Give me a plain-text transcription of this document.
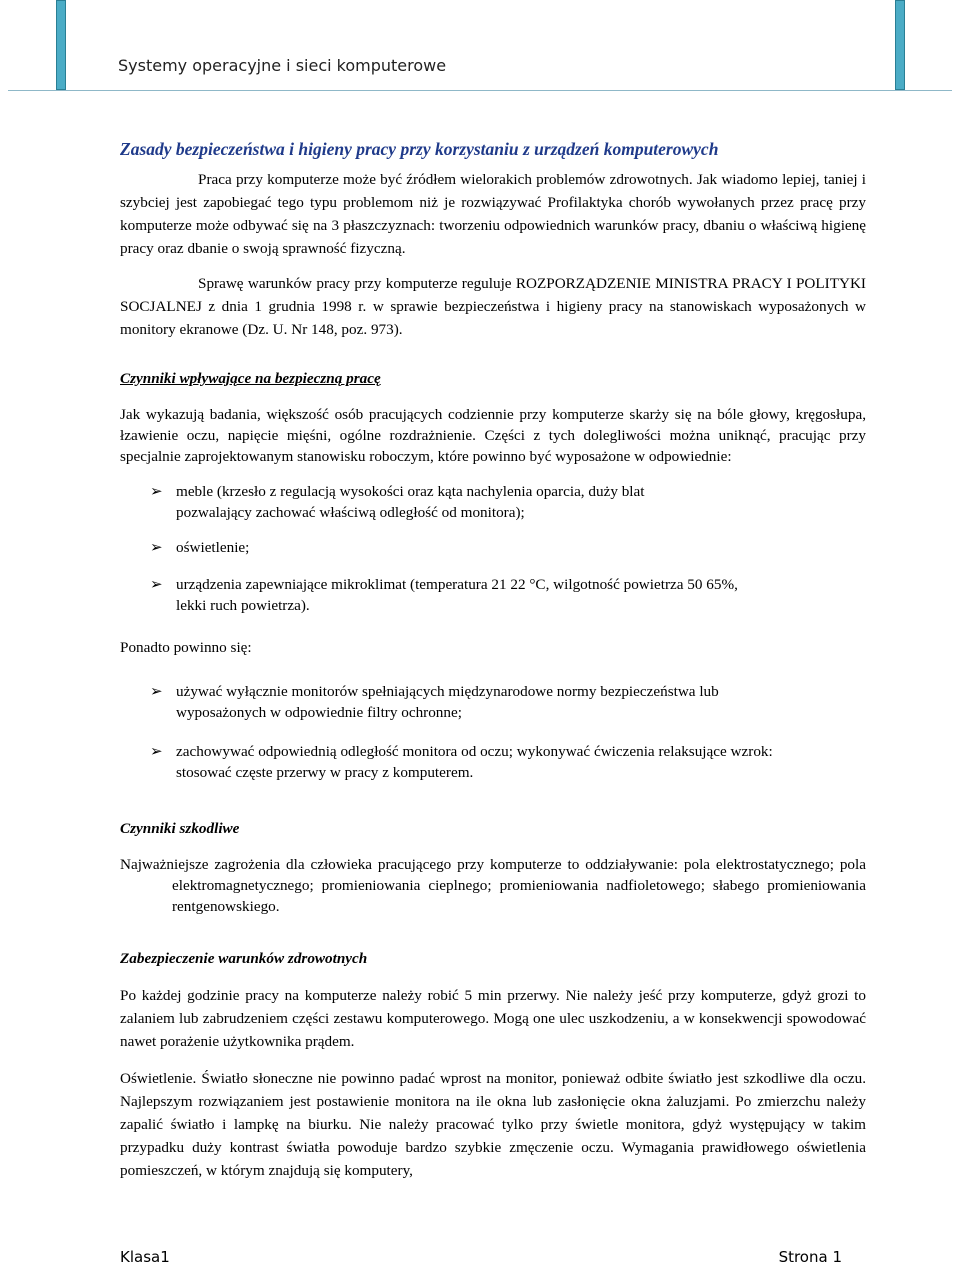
Systemy operacyjne i sieci komputerowe
Zasady bezpieczeństwa i higieny pracy przy korzystaniu z urządzeń komputerowych

Praca przy komputerze może być źródłem wielorakich problemów zdrowotnych. Jak wiadomo lepiej, taniej i szybciej jest zapobiegać tego typu problemom niż je rozwiązywać Profilaktyka chorób wywołanych przez pracę przy komputerze może odbywać się na 3 płaszczyznach: tworzeniu odpowiednich warunków pracy, dbaniu o właściwą higienę pracy oraz dbanie o swoją sprawność fizyczną.

Sprawę warunków pracy przy komputerze reguluje ROZPORZĄDZENIE MINISTRA PRACY I POLITYKI SOCJALNEJ z dnia 1 grudnia 1998 r. w sprawie bezpieczeństwa i higieny pracy na stanowiskach wyposażonych w monitory ekranowe (Dz. U. Nr 148, poz. 973).

Czynniki wpływające na bezpieczną pracę

Jak wykazują badania, większość osób pracujących codziennie przy komputerze skarży się na bóle głowy, kręgosłupa, łzawienie oczu, napięcie mięśni, ogólne rozdrażnienie. Części z tych dolegliwości można uniknąć, pracując przy specjalnie zaprojektowanym stanowisku roboczym, które powinno być wyposażone w odpowiednie:

➢ meble (krzesło z regulacją wysokości oraz kąta nachylenia oparcia, duży blat
pozwalający zachować właściwą odległość od monitora);
➢ oświetlenie;
➢ urządzenia zapewniające mikroklimat (temperatura 21 22 °C, wilgotność powietrza 50 65%,
lekki ruch powietrza).

Ponadto powinno się:

➢ używać wyłącznie monitorów spełniających międzynarodowe normy bezpieczeństwa lub
wyposażonych w odpowiednie filtry ochronne;
➢ zachowywać odpowiednią odległość monitora od oczu; wykonywać ćwiczenia relaksujące wzrok:
stosować częste przerwy w pracy z komputerem.
Czynniki szkodliwe

Najważniejsze zagrożenia dla człowieka pracującego przy komputerze to oddziaływanie: pola elektrostatycznego; pola elektromagnetycznego; promieniowania cieplnego; promieniowania nadfioletowego; słabego promieniowania rentgenowskiego.

Zabezpieczenie warunków zdrowotnych

Po każdej godzinie pracy na komputerze należy robić 5 min przerwy. Nie należy jeść przy komputerze, gdyż grozi to zalaniem lub zabrudzeniem części zestawu komputerowego. Mogą one ulec uszkodzeniu, a w konsekwencji spowodować nawet porażenie użytkownika prądem.

Oświetlenie. Światło słoneczne nie powinno padać wprost na monitor, ponieważ odbite światło jest szkodliwe dla oczu. Najlepszym rozwiązaniem jest postawienie monitora na ile okna lub zasłonięcie okna żaluzjami. Po zmierzchu należy zapalić światło i lampkę na biurku. Nie należy pracować tylko przy świetle monitora, gdyż występujący w takim przypadku duży kontrast światła powoduje bardzo szybkie zmęczenie oczu. Wymagania prawidłowego oświetlenia pomieszczeń, w którym znajdują się komputery,

Klasa1	Strona 1
